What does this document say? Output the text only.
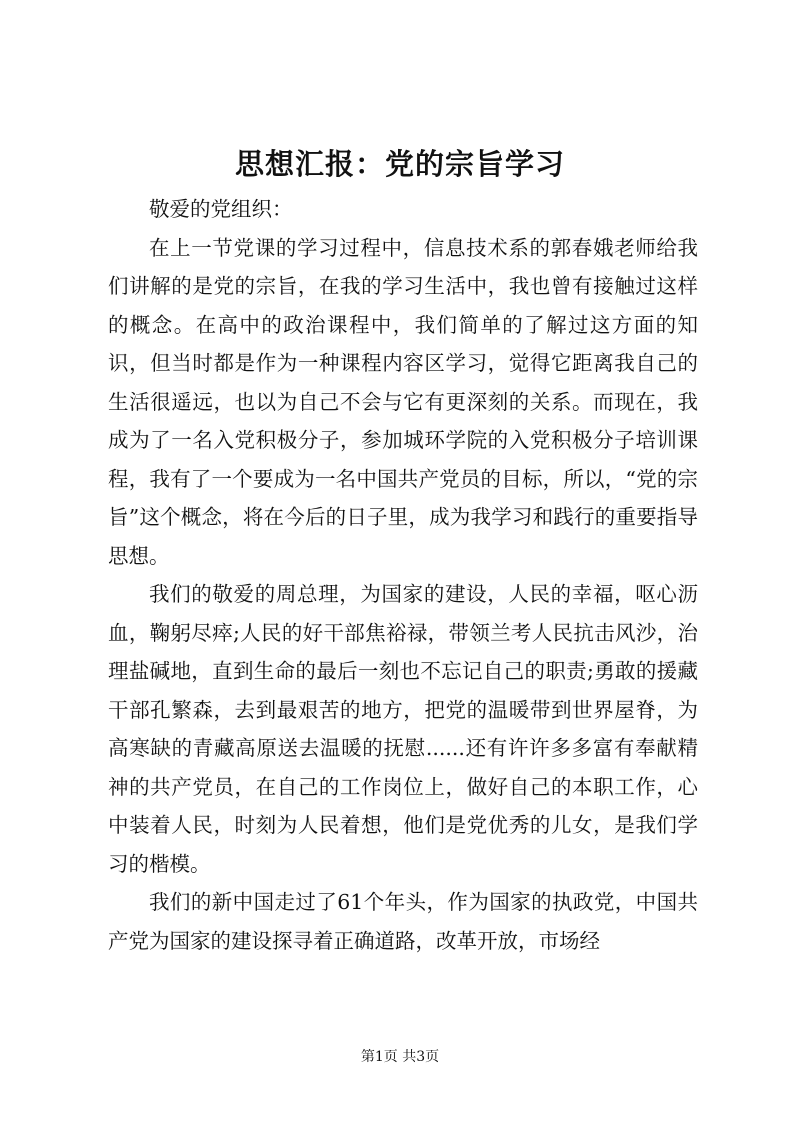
思想汇报：党的宗旨学习

敬爱的党组织：

在上一节党课的学习过程中，信息技术系的郭春娥老师给我们讲解的是党的宗旨，在我的学习生活中，我也曾有接触过这样的概念。在高中的政治课程中，我们简单的了解过这方面的知识，但当时都是作为一种课程内容区学习，觉得它距离我自己的生活很遥远，也以为自己不会与它有更深刻的关系。而现在，我成为了一名入党积极分子，参加城环学院的入党积极分子培训课程，我有了一个要成为一名中国共产党员的目标，所以，“党的宗旨”这个概念，将在今后的日子里，成为我学习和践行的重要指导思想。

我们的敬爱的周总理，为国家的建设，人民的幸福，呕心沥血，鞠躬尽瘁;人民的好干部焦裕禄，带领兰考人民抗击风沙，治理盐碱地，直到生命的最后一刻也不忘记自己的职责;勇敢的援藏干部孔繁森，去到最艰苦的地方，把党的温暖带到世界屋脊，为高寒缺的青藏高原送去温暖的抚慰......还有许许多多富有奉献精神的共产党员，在自己的工作岗位上，做好自己的本职工作，心中装着人民，时刻为人民着想，他们是党优秀的儿女，是我们学习的楷模。

我们的新中国走过了61个年头，作为国家的执政党，中国共产党为国家的建设探寻着正确道路，改革开放，市场经

第1页 共3页
